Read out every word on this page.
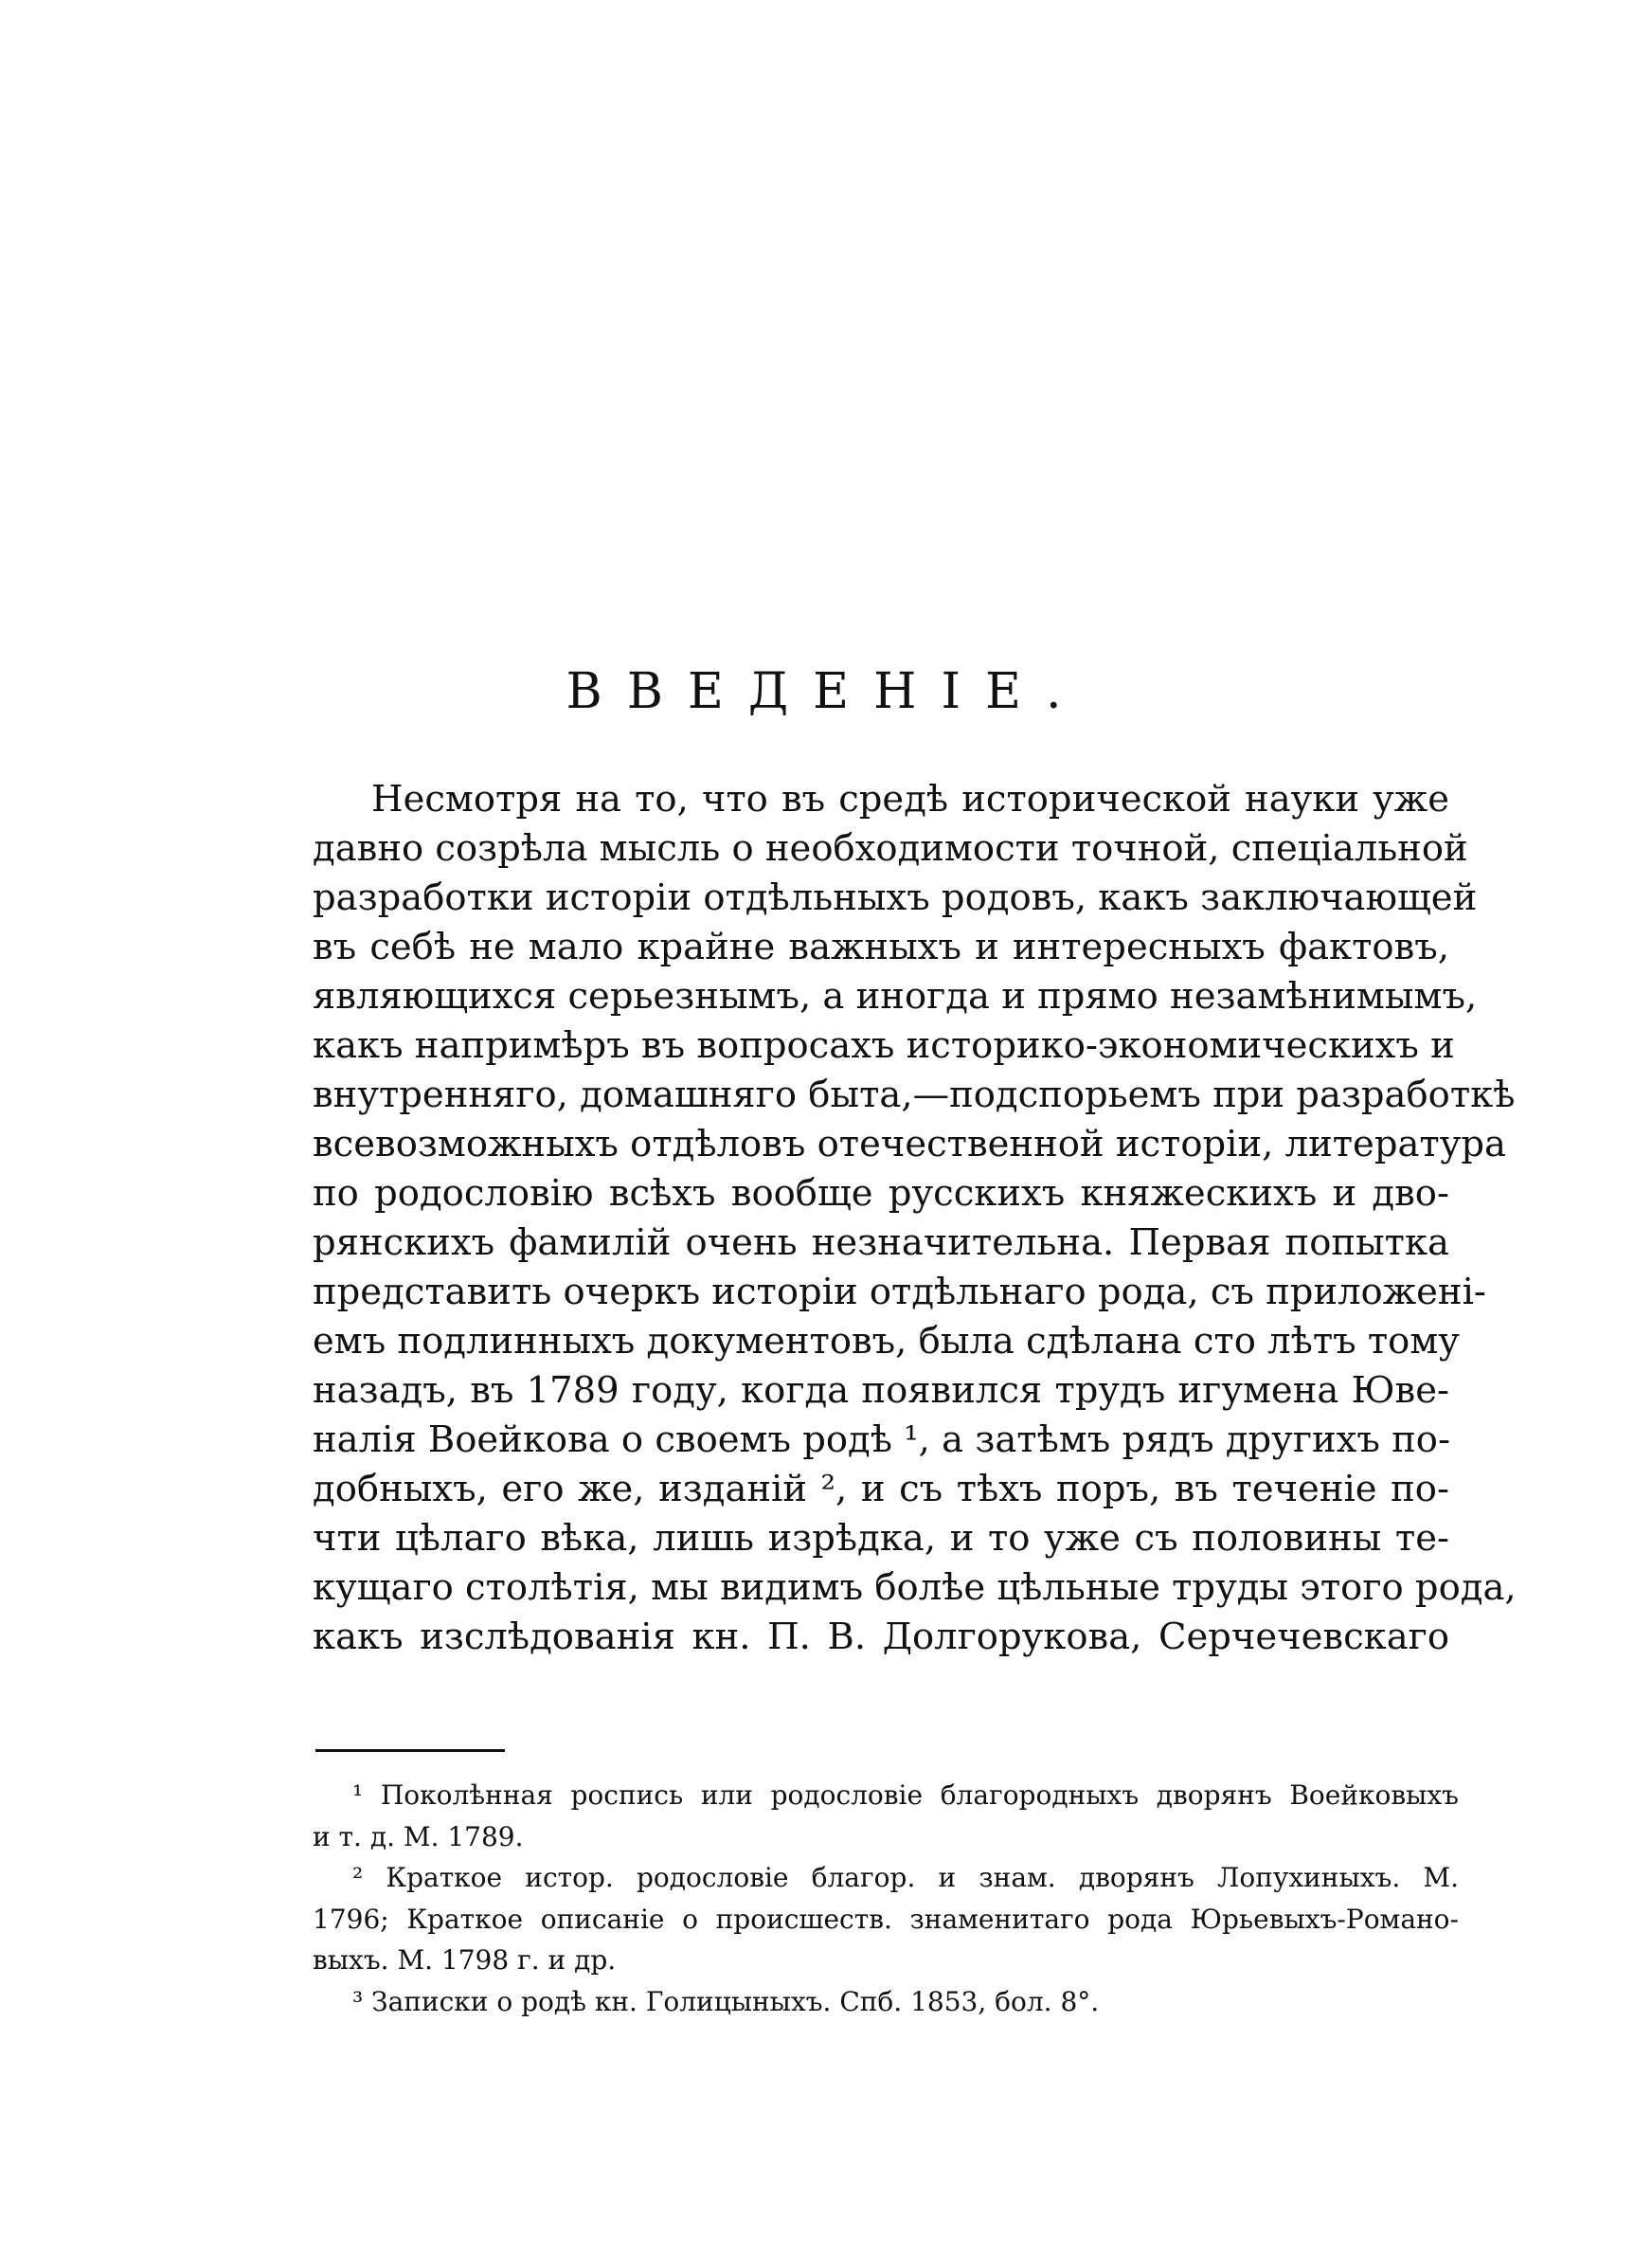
ВВЕДЕНІЕ.
Несмотря на то, что въ средѣ исторической науки уже
давно созрѣла мысль о необходимости точной, спеціальной
разработки исторіи отдѣльныхъ родовъ, какъ заключающей
въ себѣ не мало крайне важныхъ и интересныхъ фактовъ,
являющихся серьезнымъ, а иногда и прямо незамѣнимымъ,
какъ напримѣръ въ вопросахъ историко-экономическихъ и
внутренняго, домашняго быта,—подспорьемъ при разработкѣ
всевозможныхъ отдѣловъ отечественной исторіи, литература
по родословію всѣхъ вообще русскихъ княжескихъ и дво-
рянскихъ фамилій очень незначительна. Первая попытка
представить очеркъ исторіи отдѣльнаго рода, съ приложені-
емъ подлинныхъ документовъ, была сдѣлана сто лѣтъ тому
назадъ, въ 1789 году, когда появился трудъ игумена Юве-
налія Воейкова о своемъ родѣ ¹, а затѣмъ рядъ другихъ по-
добныхъ, его же, изданій ², и съ тѣхъ поръ, въ теченіе по-
чти цѣлаго вѣка, лишь изрѣдка, и то уже съ половины те-
кущаго столѣтія, мы видимъ болѣе цѣльные труды этого рода,
какъ изслѣдованія кн. П. В. Долгорукова, Серчечевскаго
¹ Поколѣнная роспись или родословіе благородныхъ дворянъ Воейковыхъ
и т. д. М. 1789.
² Краткое истор. родословіе благор. и знам. дворянъ Лопухиныхъ. М.
1796; Краткое описаніе о происшеств. знаменитаго рода Юрьевыхъ-Романо-
выхъ. М. 1798 г. и др.
³ Записки о родѣ кн. Голицыныхъ. Спб. 1853, бол. 8°.
